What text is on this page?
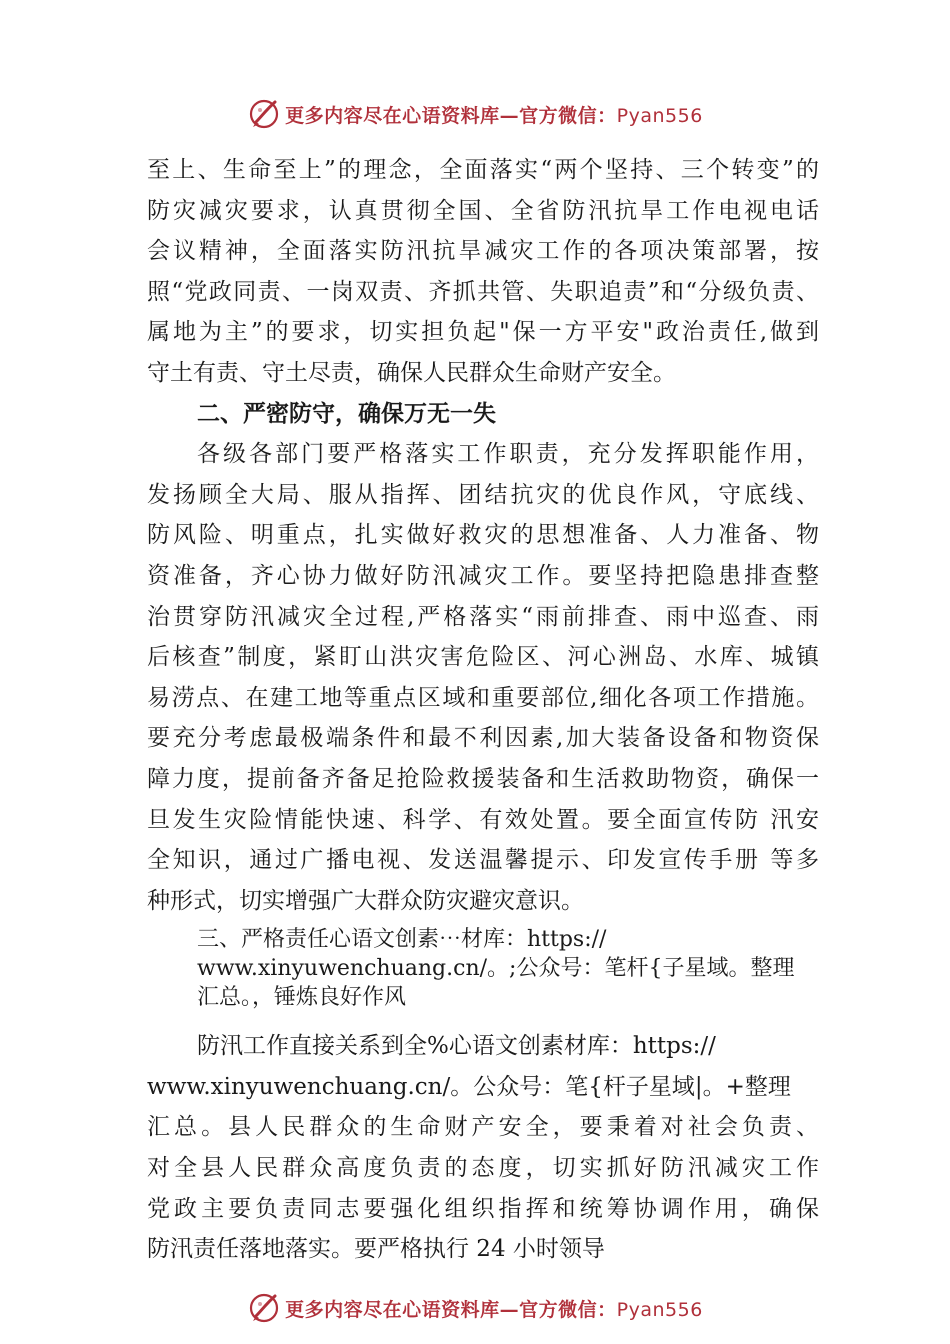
更多内容尽在心语资料库—官方微信：Pyan556
至上、生命至上”的理念，全面落实“两个坚持、三个转变”的
防灾减灾要求，认真贯彻全国、全省防汛抗旱工作电视电话
会议精神，全面落实防汛抗旱减灾工作的各项决策部署，按
照“党政同责、一岗双责、齐抓共管、失职追责”和“分级负责、
属地为主”的要求，切实担负起"保一方平安"政治责任,做到
守土有责、守土尽责，确保人民群众生命财产安全。
二、严密防守，确保万无一失
各级各部门要严格落实工作职责，充分发挥职能作用，
发扬顾全大局、服从指挥、团结抗灾的优良作风，守底线、
防风险、明重点，扎实做好救灾的思想准备、人力准备、物
资准备，齐心协力做好防汛减灾工作。要坚持把隐患排查整
治贯穿防汛减灾全过程,严格落实“雨前排查、雨中巡查、雨
后核查”制度，紧盯山洪灾害危险区、河心洲岛、水库、城镇
易涝点、在建工地等重点区域和重要部位,细化各项工作措施。
要充分考虑最极端条件和最不利因素,加大装备设备和物资保
障力度，提前备齐备足抢险救援装备和生活救助物资，确保一
旦发生灾险情能快速、科学、有效处置。要全面宣传防 汛安
全知识，通过广播电视、发送温馨提示、印发宣传手册 等多
种形式，切实增强广大群众防灾避灾意识。
三、严格责任心语文创素⋯材库：https://
www.xinyuwenchuang.cn/。;公众号：笔杆{子星域。整理
汇总。，锤炼良好作风
防汛工作直接关系到全%心语文创素材库：https://
www.xinyuwenchuang.cn/。公众号：笔{杆子星域|。+整理
汇总。县人民群众的生命财产安全，要秉着对社会负责、
对全县人民群众高度负责的态度，切实抓好防汛减灾工作
党政主要负责同志要强化组织指挥和统筹协调作用，确保
防汛责任落地落实。要严格执行 24 小时领导
更多内容尽在心语资料库—官方微信：Pyan556
